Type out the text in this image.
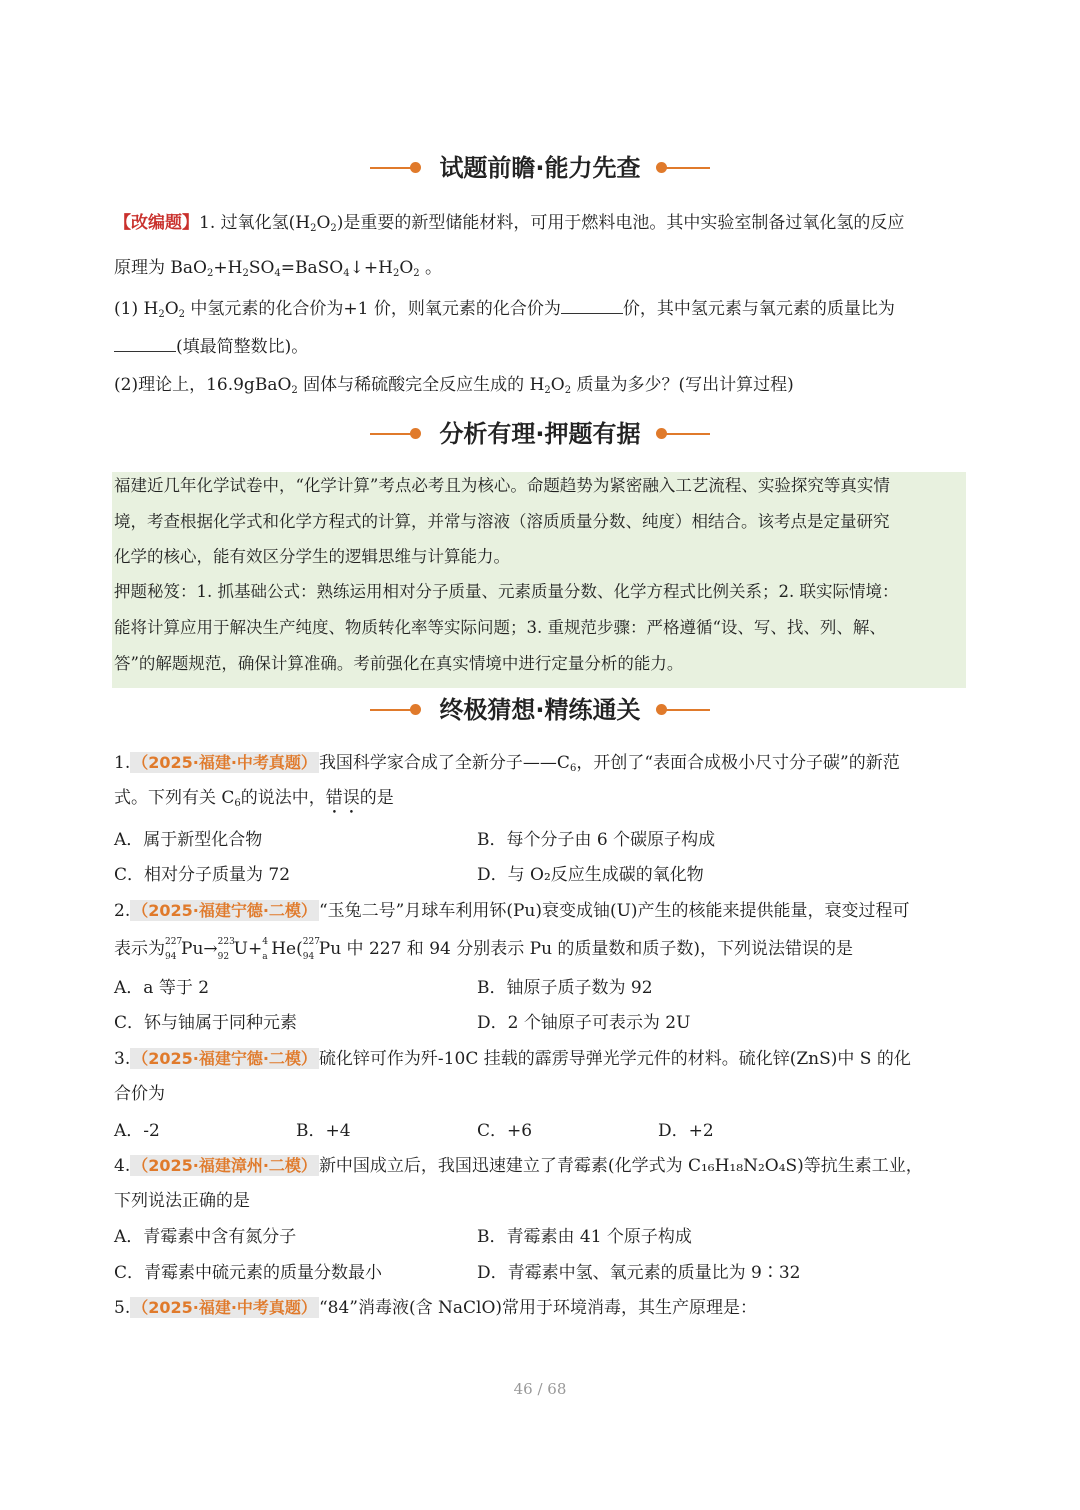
试题前瞻·能力先查
【改编题】1. 过氧化氢$(H_2O_2)$是重要的新型储能材料，可用于燃料电池。其中实验室制备过氧化氢的反应
原理为 $BaO_2+H_2SO_4=BaSO_4↓+H_2O_2$ 。
(1) $H_2O_2$ 中氢元素的化合价为+1 价，则氧元素的化合价为	价，其中氢元素与氧元素的质量比为
(填最简整数比)。
(2)理论上，16.9gBaO$_2$ 固体与稀硫酸完全反应生成的 $H_2O_2$ 质量为多少？(写出计算过程)
分析有理·押题有据
福建近几年化学试卷中，“化学计算”考点必考且为核心。命题趋势为紧密融入工艺流程、实验探究等真实情
境，考查根据化学式和化学方程式的计算，并常与溶液（溶质质量分数、纯度）相结合。该考点是定量研究
化学的核心，能有效区分学生的逻辑思维与计算能力。
押题秘笈：1. 抓基础公式：熟练运用相对分子质量、元素质量分数、化学方程式比例关系；2. 联实际情境：
能将计算应用于解决生产纯度、物质转化率等实际问题；3. 重规范步骤：严格遵循“设、写、找、列、解、
答”的解题规范，确保计算准确。考前强化在真实情境中进行定量分析的能力。
终极猜想·精练通关
1. （2025·福建·中考真题） 我国科学家合成了全新分子$——C_6$，开创了“表面合成极小尺寸分子碳”的新范
式。下列有关 $C_6$的说法中，错误的是
A．属于新型化合物	B．每个分子由 6 个碳原子构成
C．相对分子质量为 72	D．与 O₂反应生成碳的氧化物
2. （2025·福建宁德·二模） “玉兔二号”月球车利用钚(Pu)衰变成铀(U)产生的核能来提供能量，衰变过程可
表示为 227
94 Pu→ 223
92 U+ 4
a He( 227
94 Pu 中 227 和 94 分别表示 Pu 的质量数和质子数)，下列说法错误的是
A．a 等于 2	B．铀原子质子数为 92
C．钚与铀属于同种元素	D．2 个铀原子可表示为 2U
3. （2025·福建宁德·二模） 硫化锌可作为歼-10C 挂载的霹雳导弹光学元件的材料。硫化锌(ZnS)中 S 的化
合价为
A．-2	B．+4	C．+6	D．+2
4. （2025·福建漳州·二模） 新中国成立后，我国迅速建立了青霉素(化学式为 C₁₆H₁₈N₂O₄S)等抗生素工业，
下列说法正确的是
A．青霉素中含有氮分子	B．青霉素由 41 个原子构成
C．青霉素中硫元素的质量分数最小	D．青霉素中氢、氧元素的质量比为 9∶32
5. （2025·福建·中考真题） “84”消毒液(含 NaClO)常用于环境消毒，其生产原理是：
46 / 68
